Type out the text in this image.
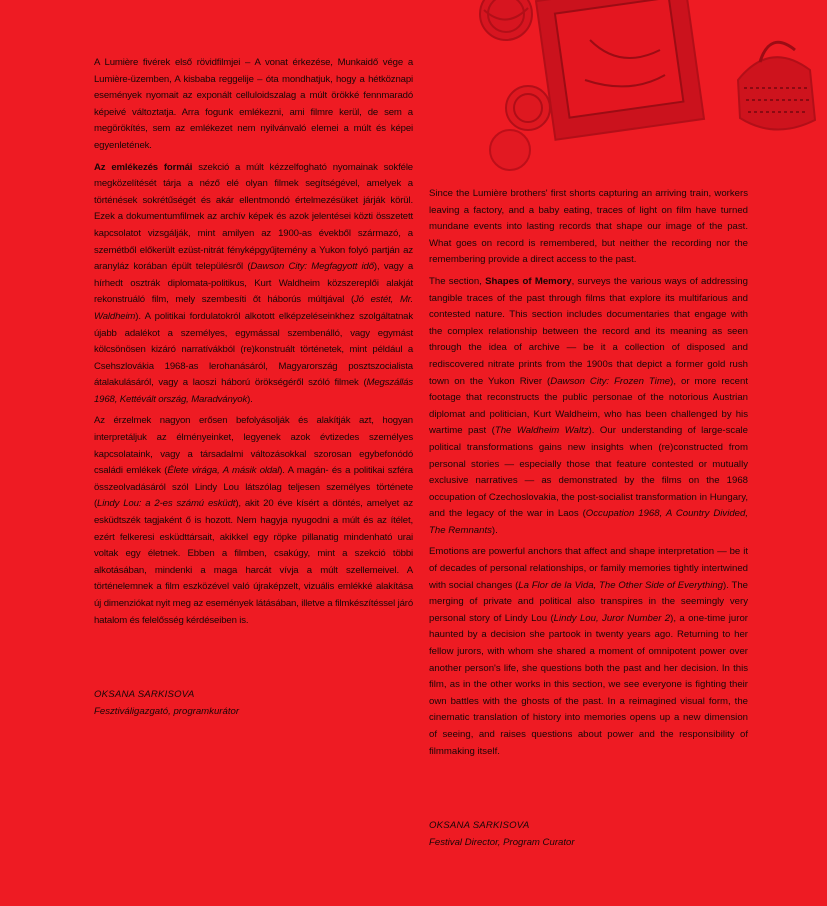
A Lumière fivérek első rövidfilmjei – A vonat érkezése, Munkaidő vége a Lumière-üzemben, A kisbaba reggelije – óta mondhatjuk, hogy a hétköznapi események nyomait az exponált celluloidszalag a múlt örökké fennmaradó képeivé változtatja. Arra fogunk emlékezni, ami filmre kerül, de sem a megörökítés, sem az emlékezet nem nyilvánvaló elemei a múlt és képei egyenletének.

Az emlékezés formái szekció a múlt kézzelfogható nyomainak sokféle megközelítését tárja a néző elé olyan filmek segítségével, amelyek a történések sokrétűségét és akár ellentmondó értelmezésüket járják körül. Ezek a dokumentumfilmek az archív képek és azok jelentései közti összetett kapcsolatot vizsgálják, mint amilyen az 1900-as évekből származó, a szemétből előkerült ezüst-nitrát fényképgyűjtemény a Yukon folyó partján az aranyláz korában épült településről (Dawson City: Megfagyott idő), vagy a hírhedt osztrák diplomata-politikus, Kurt Waldheim közszereplői alakját rekonstruáló film, mely szembesíti őt háborús múltjával (Jó estét, Mr. Waldheim). A politikai fordulatokról alkotott elképzeléseinkhez szolgáltatnak újabb adalékot a személyes, egymással szembenálló, vagy egymást kölcsönösen kizáró narratívákból (re)konstruált történetek, mint például a Csehszlovákia 1968-as lerohanásáról, Magyarország posztszocialista átalakulásáról, vagy a laoszi háború örökségéről szóló filmek (Megszállás 1968, Kettévált ország, Maradványok).

Az érzelmek nagyon erősen befolyásolják és alakítják azt, hogyan interpretáljuk az élményeinket, legyenek azok évtizedes személyes kapcsolataink, vagy a társadalmi változásokkal szorosan egybefonódó családi emlékek (Élete virága, A másik oldal). A magán- és a politikai szféra összeolvadásáról szól Lindy Lou látszólag teljesen személyes története (Lindy Lou: a 2-es számú esküdt), akit 20 éve kísért a döntés, amelyet az esküdtszék tagjaként ő is hozott. Nem hagyja nyugodni a múlt és az ítélet, ezért felkeresi esküdttársait, akikkel egy röpke pillanatig mindenható urai voltak egy életnek. Ebben a filmben, csakúgy, mint a szekció többi alkotásában, mindenki a maga harcát vívja a múlt szellemeivel. A történelemnek a film eszközével való újraképzelt, vizuális emlékké alakítása új dimenziókat nyit meg az események látásában, illetve a filmkészítéssel járó hatalom és felelősség kérdéseiben is.

OKSANA SARKISOVA
Fesztiváligazgató, programkurátor

Since the Lumière brothers' first shorts capturing an arriving train, workers leaving a factory, and a baby eating, traces of light on film have turned mundane events into lasting records that shape our image of the past. What goes on record is remembered, but neither the recording nor the remembering provide a direct access to the past.

The section, Shapes of Memory, surveys the various ways of addressing tangible traces of the past through films that explore its multifarious and contested nature. This section includes documentaries that engage with the complex relationship between the record and its meaning as seen through the idea of archive — be it a collection of disposed and rediscovered nitrate prints from the 1900s that depict a former gold rush town on the Yukon River (Dawson City: Frozen Time), or more recent footage that reconstructs the public personae of the notorious Austrian diplomat and politician, Kurt Waldheim, who has been challenged by his wartime past (The Waldheim Waltz). Our understanding of large-scale political transformations gains new insights when (re)constructed from personal stories — especially those that feature contested or mutually exclusive narratives — as demonstrated by the films on the 1968 occupation of Czechoslovakia, the post-socialist transformation in Hungary, and the legacy of the war in Laos (Occupation 1968, A Country Divided, The Remnants).

Emotions are powerful anchors that affect and shape interpretation — be it of decades of personal relationships, or family memories tightly intertwined with social changes (La Flor de la Vida, The Other Side of Everything). The merging of private and political also transpires in the seemingly very personal story of Lindy Lou (Lindy Lou, Juror Number 2), a one-time juror haunted by a decision she partook in twenty years ago. Returning to her fellow jurors, with whom she shared a moment of omnipotent power over another person's life, she questions both the past and her decision. In this film, as in the other works in this section, we see everyone is fighting their own battles with the ghosts of the past. In a reimagined visual form, the cinematic translation of history into memories opens up a new dimension of seeing, and raises questions about power and the responsibility of filmmaking itself.

OKSANA SARKISOVA
Festival Director, Program Curator
